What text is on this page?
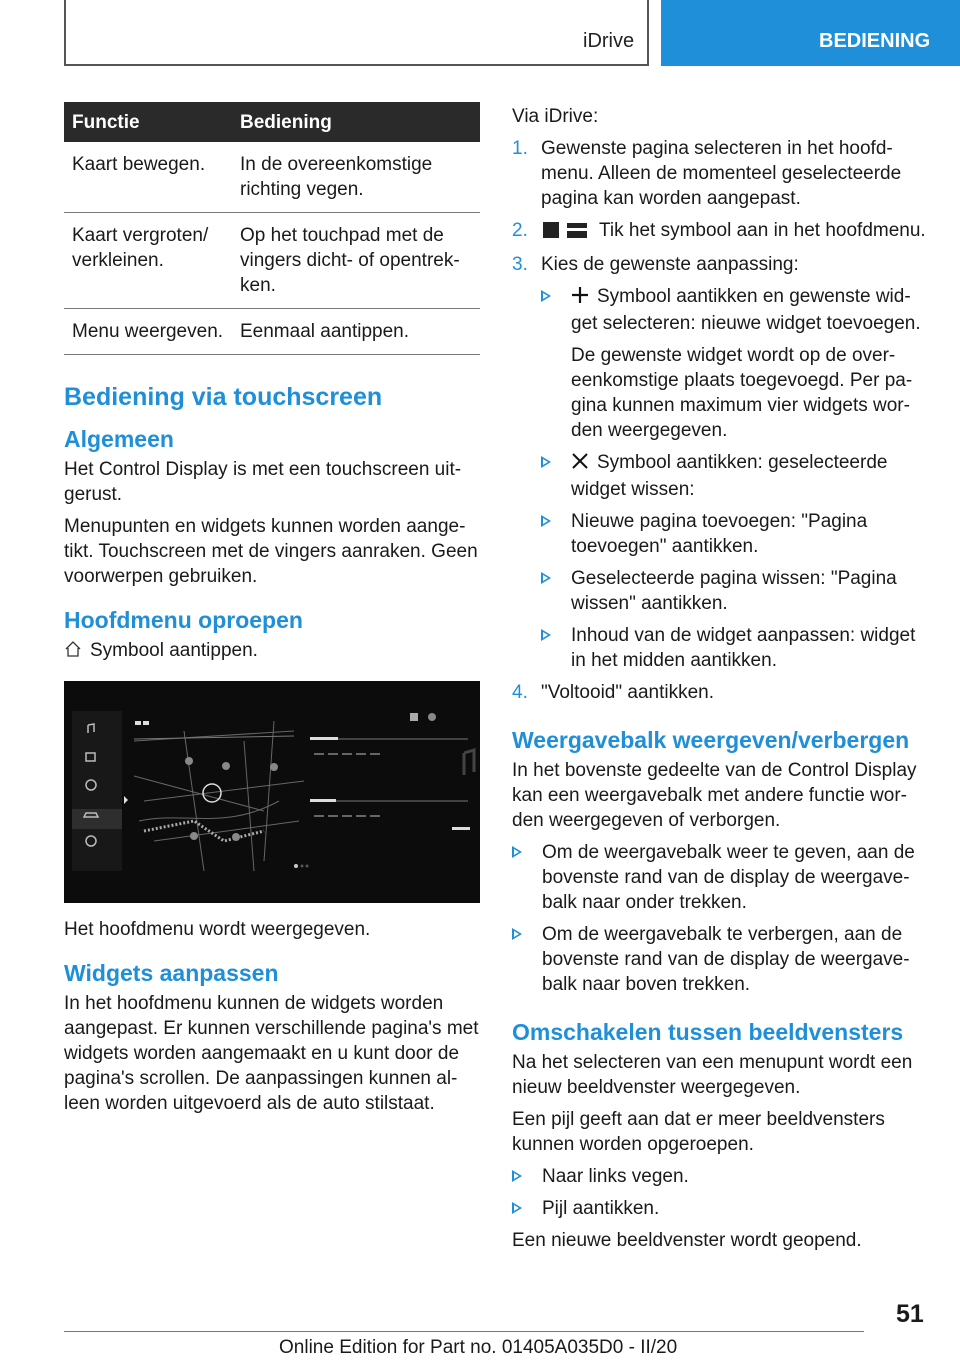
iDrive	BEDIENING
Functie	Bediening
Kaart bewegen.	In de overeenkomstige richting vegen.
Kaart vergroten/ verkleinen.	Op het touchpad met de vingers dicht- of opentrek-ken.
Menu weergeven.	Eenmaal aantippen.
Bediening via touchscreen
Algemeen

Het Control Display is met een touchscreen uit-gerust.

Menupunten en widgets kunnen worden aange-tikt. Touchscreen met de vingers aanraken. Geen voorwerpen gebruiken.

Hoofdmenu oproepen

Symbool aantippen.

Het hoofdmenu wordt weergegeven.

Widgets aanpassen

In het hoofdmenu kunnen de widgets worden aangepast. Er kunnen verschillende pagina's met widgets worden aangemaakt en u kunt door de pagina's scrollen. De aanpassingen kunnen al-leen worden uitgevoerd als de auto stilstaat.

Via iDrive:

1. Gewenste pagina selecteren in het hoofd-menu. Alleen de momenteel geselecteerde pagina kan worden aangepast.
2.	Tik het symbool aan in het hoofdmenu.
3. Kies de gewenste aanpassing:
Symbool aantikken en gewenste wid-get selecteren: nieuwe widget toevoegen.

De gewenste widget wordt op de over-eenkomstige plaats toegevoegd. Per pa-gina kunnen maximum vier widgets wor-den weergegeven.

Symbool aantikken: geselecteerde widget wissen:
Nieuwe pagina toevoegen: "Pagina toevoegen" aantikken.
Geselecteerde pagina wissen: "Pagina wissen" aantikken.
Inhoud van de widget aanpassen: widget in het midden aantikken.
4. "Voltooid" aantikken.
Weergavebalk weergeven/verbergen

In het bovenste gedeelte van de Control Display kan een weergavebalk met andere functie wor-den weergegeven of verborgen.

Om de weergavebalk weer te geven, aan de bovenste rand van de display de weergave-balk naar onder trekken.
Om de weergavebalk te verbergen, aan de bovenste rand van de display de weergave-balk naar boven trekken.
Omschakelen tussen beeldvensters

Na het selecteren van een menupunt wordt een nieuw beeldvenster weergegeven.

Een pijl geeft aan dat er meer beeldvensters kunnen worden opgeroepen.

Naar links vegen.
Pijl aantikken.

Een nieuwe beeldvenster wordt geopend.

51
Online Edition for Part no. 01405A035D0 - II/20
